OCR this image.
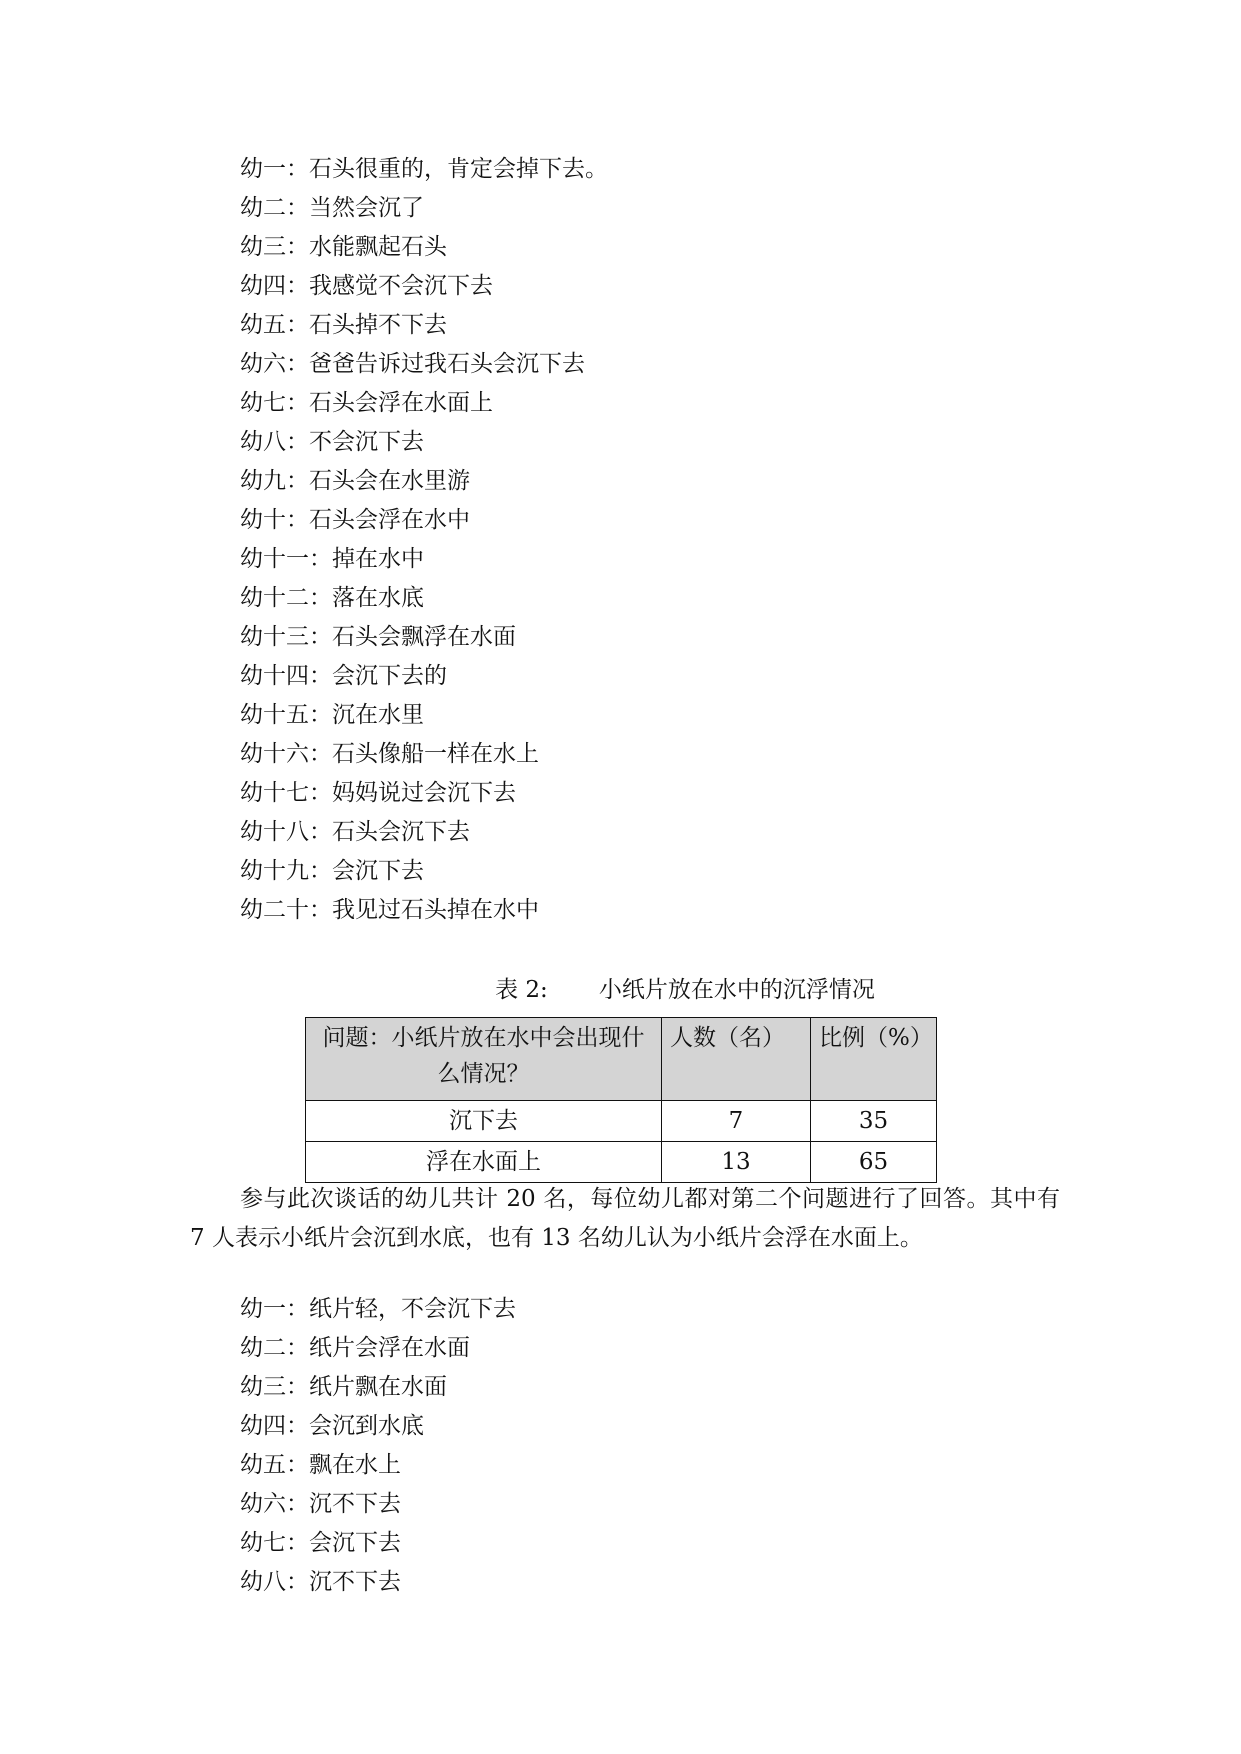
幼一：石头很重的，肯定会掉下去。
幼二：当然会沉了
幼三：水能飘起石头
幼四：我感觉不会沉下去
幼五：石头掉不下去
幼六：爸爸告诉过我石头会沉下去
幼七：石头会浮在水面上
幼八：不会沉下去
幼九：石头会在水里游
幼十：石头会浮在水中
幼十一：掉在水中
幼十二：落在水底
幼十三：石头会飘浮在水面
幼十四：会沉下去的
幼十五：沉在水里
幼十六：石头像船一样在水上
幼十七：妈妈说过会沉下去
幼十八：石头会沉下去
幼十九：会沉下去
幼二十：我见过石头掉在水中
表 2:       小纸片放在水中的沉浮情况
问题：小纸片放在水中会出现什么情况？	人数（名）	比例（%）
沉下去	7	35
浮在水面上	13	65
参与此次谈话的幼儿共计 20 名，每位幼儿都对第二个问题进行了回答。其中有 7 人表示小纸片会沉到水底，也有 13 名幼儿认为小纸片会浮在水面上。
幼一：纸片轻，不会沉下去
幼二：纸片会浮在水面
幼三：纸片飘在水面
幼四：会沉到水底
幼五：飘在水上
幼六：沉不下去
幼七：会沉下去
幼八：沉不下去
